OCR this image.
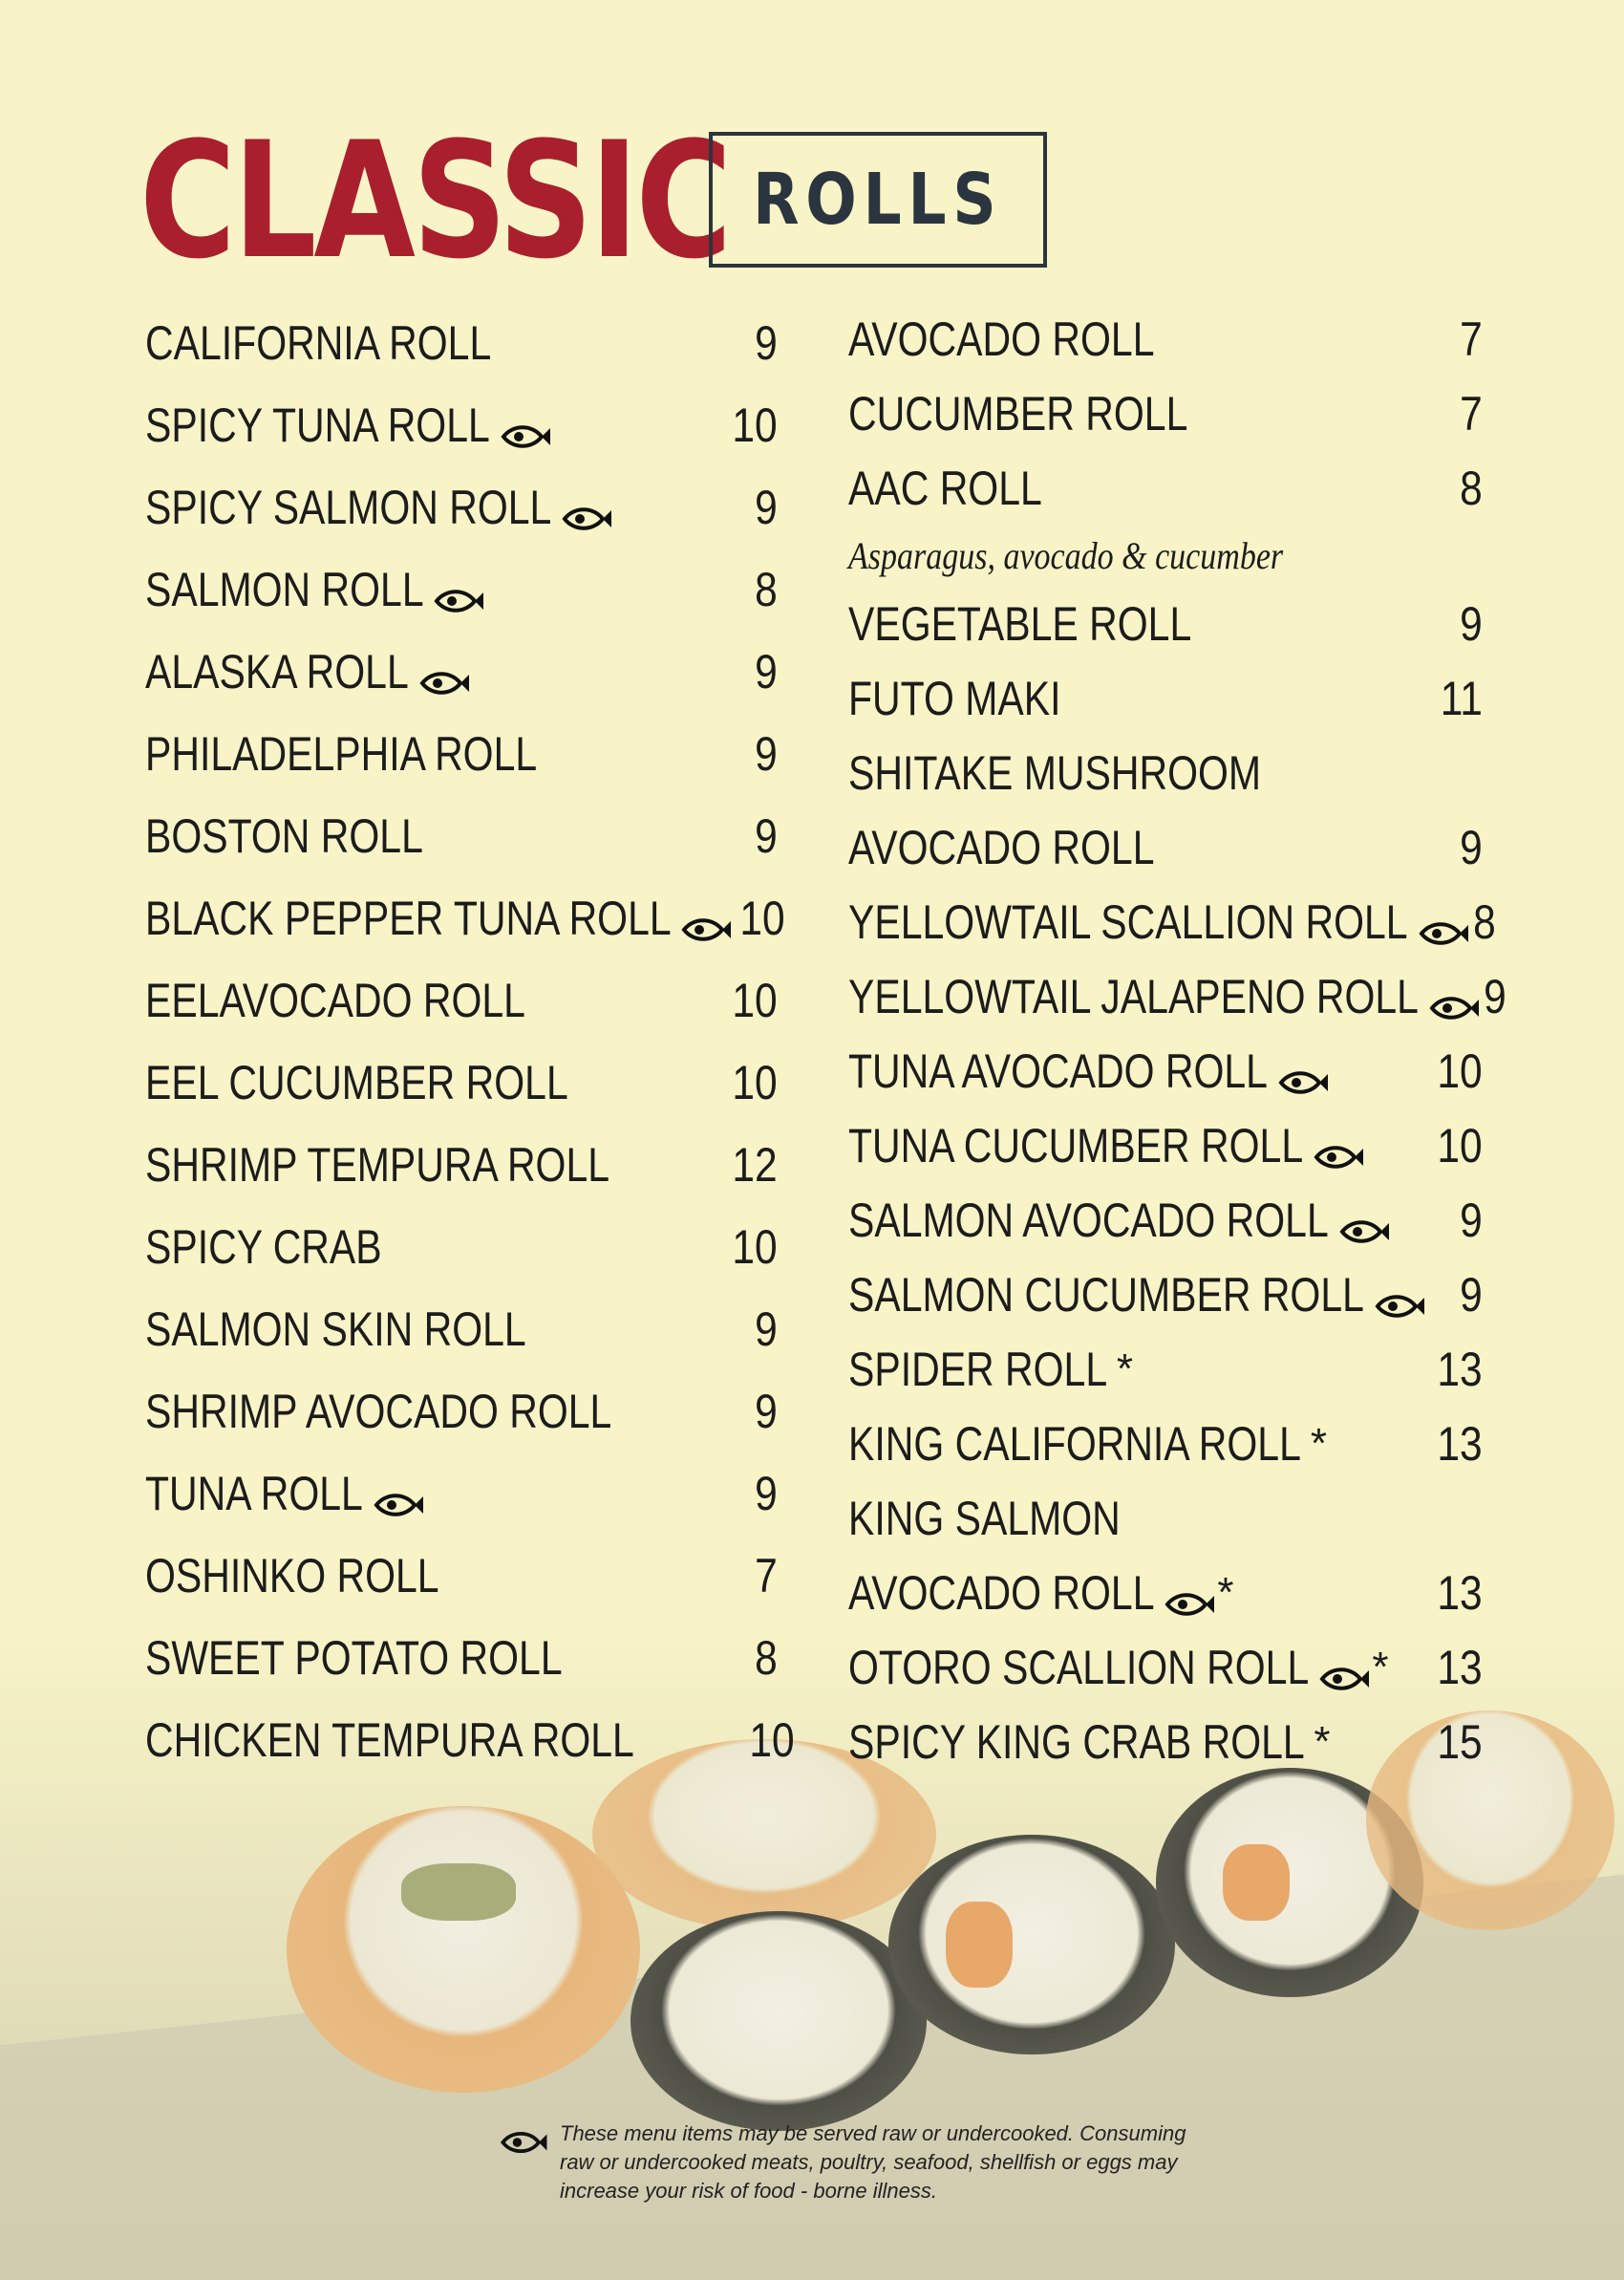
CLASSIC ROLLS
CALIFORNIA ROLL	9
SPICY TUNA ROLL	10
SPICY SALMON ROLL	9
SALMON ROLL	8
ALASKA ROLL	9
PHILADELPHIA ROLL	9
BOSTON ROLL	9
BLACK PEPPER TUNA ROLL 10
EELAVOCADO ROLL	10
EEL CUCUMBER ROLL	10
SHRIMP TEMPURA ROLL	12
SPICY CRAB	10
SALMON SKIN ROLL	9
SHRIMP AVOCADO ROLL	9
TUNA ROLL	9
OSHINKO ROLL	7
SWEET POTATO ROLL	8
CHICKEN TEMPURA ROLL 10
AVOCADO ROLL	7
CUCUMBER ROLL	7
AAC ROLL	8
Asparagus, avocado & cucumber
VEGETABLE ROLL	9
FUTO MAKI	11
SHITAKE MUSHROOM
AVOCADO ROLL	9
YELLOWTAIL SCALLION ROLL 8
YELLOWTAIL JALAPENO ROLL 9
TUNA AVOCADO ROLL	10
TUNA CUCUMBER ROLL	10
SALMON AVOCADO ROLL	9
SALMON CUCUMBER ROLL 9
SPIDER ROLL *	13
KING CALIFORNIA ROLL * 13
KING SALMON
AVOCADO ROLL *	13
OTORO SCALLION ROLL * 13
SPICY KING CRAB ROLL * 15
These menu items may be served raw or undercooked. Consuming
raw or undercooked meats, poultry, seafood, shellfish or eggs may
increase your risk of food - borne illness.
